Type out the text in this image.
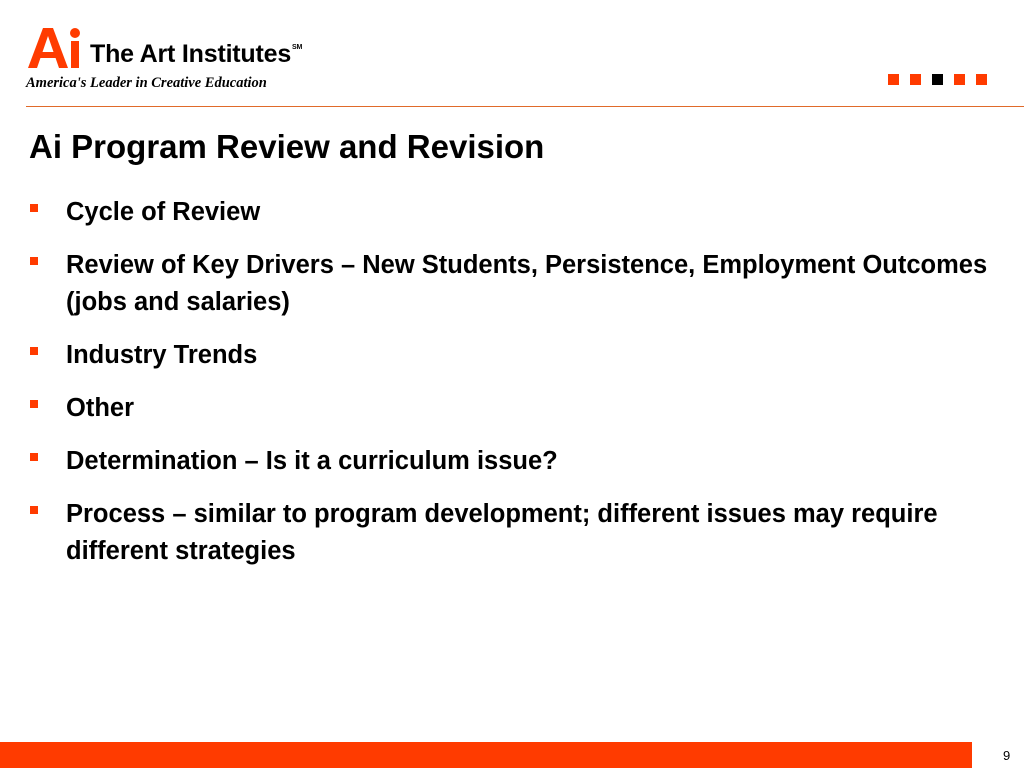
The Art Institutes℠
America's Leader in Creative Education
Ai Program Review and Revision
Cycle of Review
Review of Key Drivers – New Students, Persistence, Employment Outcomes (jobs and salaries)
Industry Trends
Other
Determination – Is it a curriculum issue?
Process – similar to program development; different issues may require different strategies
9
